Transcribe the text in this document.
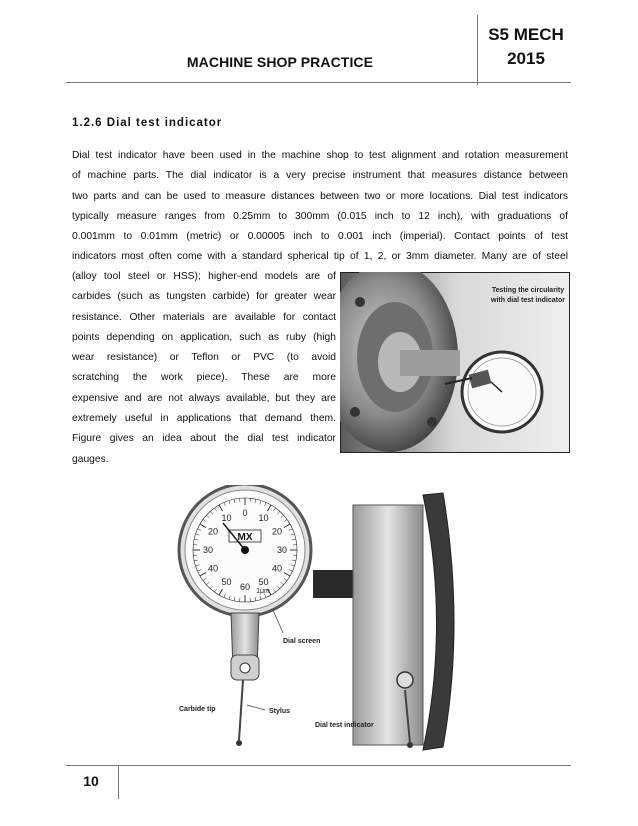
MACHINE SHOP PRACTICE
S5 MECH
2015
1.2.6 Dial test indicator
Dial test indicator have been used in the machine shop to test alignment and rotation measurement
of machine parts. The dial indicator is a very precise instrument that measures distance between
two parts and can be used to measure distances between two or more locations. Dial test indicators
typically measure ranges from 0.25mm to 300mm (0.015 inch to 12 inch), with graduations of
0.001mm to 0.01mm (metric) or 0.00005 inch to 0.001 inch (imperial). Contact points of test
indicators most often come with a standard spherical tip of 1, 2, or 3mm diameter. Many are of steel
(alloy tool steel or HSS); higher-end models are of
carbides (such as tungsten carbide) for greater wear
resistance. Other materials are available for contact
points depending on application, such as ruby (high
wear resistance) or Teflon or PVC (to avoid
scratching the work piece). These are more
expensive and are not always available, but they are
extremely useful in applications that demand them.
Figure gives an idea about the dial test indicator
gauges.
Testing the circularity
with dial test indicator
0 10
20
30
40
50
60
50
40
30
20
10
MX
1μm
Dial screen
Carbide tip	Stylus
Dial test indicator
10
